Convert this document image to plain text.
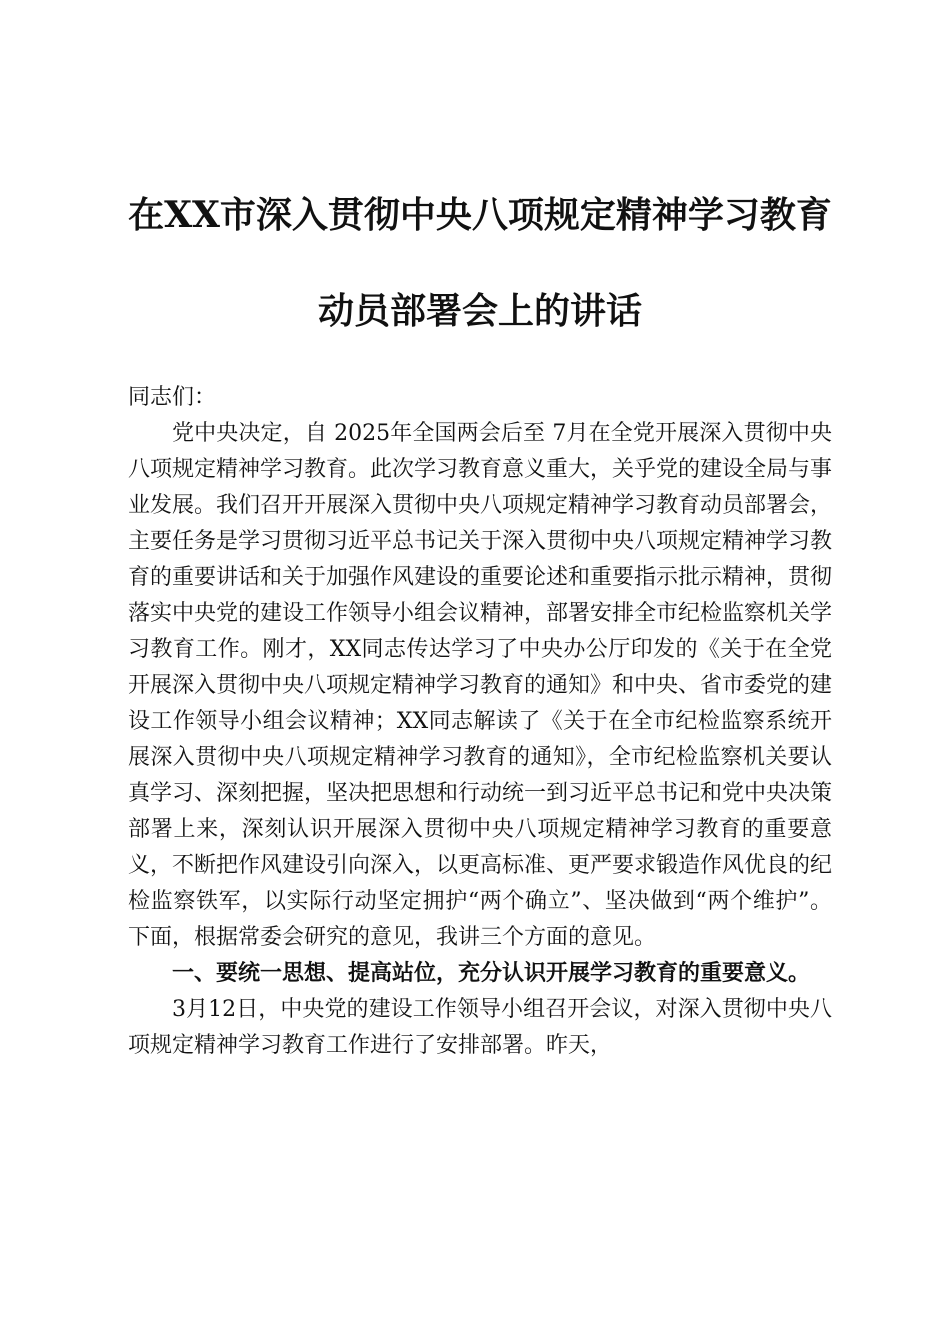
在XX市深入贯彻中央八项规定精神学习教育
动员部署会上的讲话

同志们：

党中央决定，自 2025年全国两会后至 7月在全党开展深入贯彻中央八项规定精神学习教育。此次学习教育意义重大，关乎党的建设全局与事业发展。我们召开开展深入贯彻中央八项规定精神学习教育动员部署会，主要任务是学习贯彻习近平总书记关于深入贯彻中央八项规定精神学习教育的重要讲话和关于加强作风建设的重要论述和重要指示批示精神，贯彻落实中央党的建设工作领导小组会议精神，部署安排全市纪检监察机关学习教育工作。刚才，XX同志传达学习了中央办公厅印发的《关于在全党开展深入贯彻中央八项规定精神学习教育的通知》和中央、省市委党的建设工作领导小组会议精神；XX同志解读了《关于在全市纪检监察系统开展深入贯彻中央八项规定精神学习教育的通知》，全市纪检监察机关要认真学习、深刻把握，坚决把思想和行动统一到习近平总书记和党中央决策部署上来，深刻认识开展深入贯彻中央八项规定精神学习教育的重要意义，不断把作风建设引向深入，以更高标准、更严要求锻造作风优良的纪检监察铁军，以实际行动坚定拥护“两个确立”、坚决做到“两个维护”。下面，根据常委会研究的意见，我讲三个方面的意见。

一、要统一思想、提高站位，充分认识开展学习教育的重要意义。

3月12日，中央党的建设工作领导小组召开会议，对深入贯彻中央八项规定精神学习教育工作进行了安排部署。昨天，
